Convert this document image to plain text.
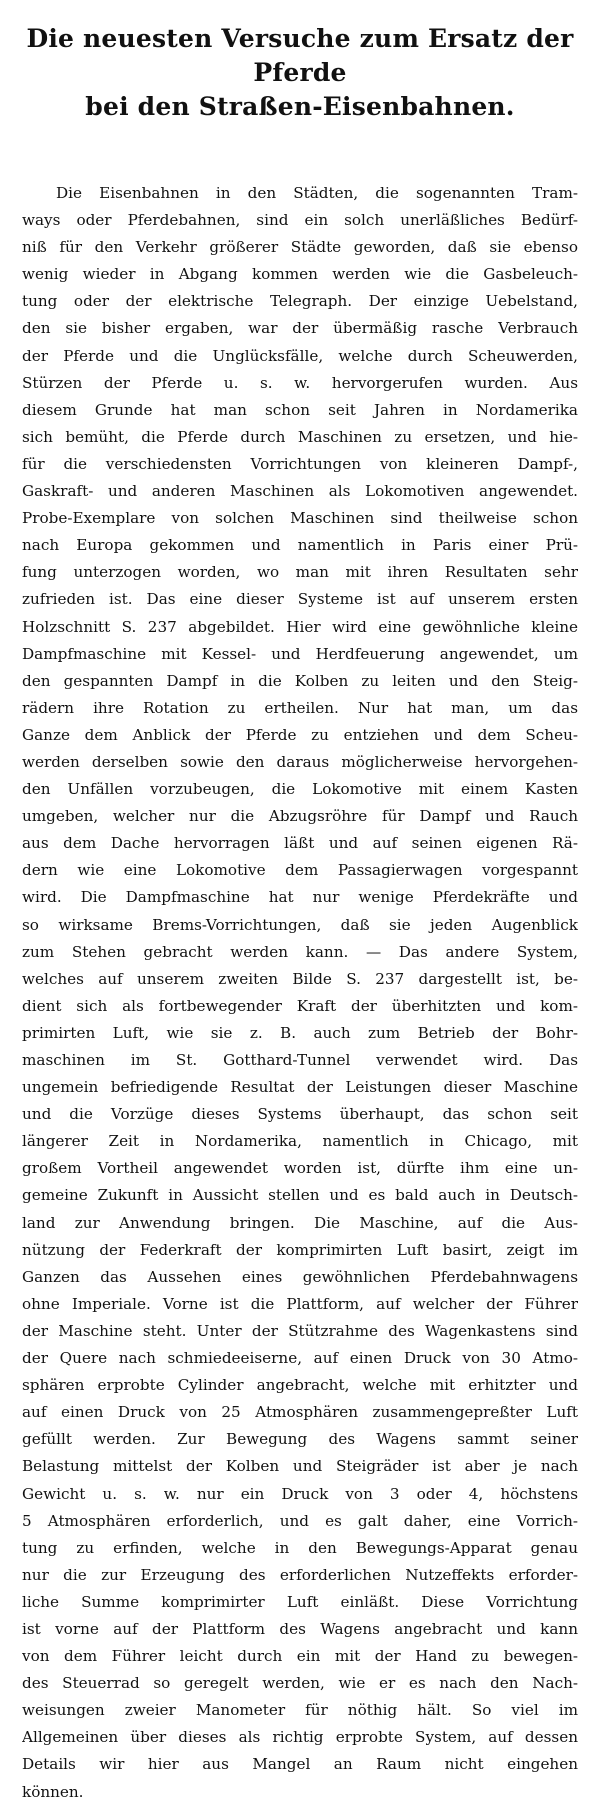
Die neuesten Versuche zum Ersatz der Pferde
bei den Straßen-Eisenbahnen.
Die Eisenbahnen in den Städten, die sogenannten Tram-
ways oder Pferdebahnen, sind ein solch unerläßliches Bedürf-
niß für den Verkehr größerer Städte geworden, daß sie ebenso
wenig wieder in Abgang kommen werden wie die Gasbeleuch-
tung oder der elektrische Telegraph. Der einzige Uebelstand,
den sie bisher ergaben, war der übermäßig rasche Verbrauch
der Pferde und die Unglücksfälle, welche durch Scheuwerden,
Stürzen der Pferde u. s. w. hervorgerufen wurden. Aus
diesem Grunde hat man schon seit Jahren in Nordamerika
sich bemüht, die Pferde durch Maschinen zu ersetzen, und hie-
für die verschiedensten Vorrichtungen von kleineren Dampf-,
Gaskraft- und anderen Maschinen als Lokomotiven angewendet.
Probe-Exemplare von solchen Maschinen sind theilweise schon
nach Europa gekommen und namentlich in Paris einer Prü-
fung unterzogen worden, wo man mit ihren Resultaten sehr
zufrieden ist. Das eine dieser Systeme ist auf unserem ersten
Holzschnitt S. 237 abgebildet. Hier wird eine gewöhnliche kleine
Dampfmaschine mit Kessel- und Herdfeuerung angewendet, um
den gespannten Dampf in die Kolben zu leiten und den Steig-
rädern ihre Rotation zu ertheilen. Nur hat man, um das
Ganze dem Anblick der Pferde zu entziehen und dem Scheu-
werden derselben sowie den daraus möglicherweise hervorgehen-
den Unfällen vorzubeugen, die Lokomotive mit einem Kasten
umgeben, welcher nur die Abzugsröhre für Dampf und Rauch
aus dem Dache hervorragen läßt und auf seinen eigenen Rä-
dern wie eine Lokomotive dem Passagierwagen vorgespannt
wird. Die Dampfmaschine hat nur wenige Pferdekräfte und
so wirksame Brems-Vorrichtungen, daß sie jeden Augenblick
zum Stehen gebracht werden kann. — Das andere System,
welches auf unserem zweiten Bilde S. 237 dargestellt ist, be-
dient sich als fortbewegender Kraft der überhitzten und kom-
primirten Luft, wie sie z. B. auch zum Betrieb der Bohr-
maschinen im St. Gotthard-Tunnel verwendet wird. Das
ungemein befriedigende Resultat der Leistungen dieser Maschine
und die Vorzüge dieses Systems überhaupt, das schon seit
längerer Zeit in Nordamerika, namentlich in Chicago, mit
großem Vortheil angewendet worden ist, dürfte ihm eine un-
gemeine Zukunft in Aussicht stellen und es bald auch in Deutsch-
land zur Anwendung bringen. Die Maschine, auf die Aus-
nützung der Federkraft der komprimirten Luft basirt, zeigt im
Ganzen das Aussehen eines gewöhnlichen Pferdebahnwagens
ohne Imperiale. Vorne ist die Plattform, auf welcher der Führer
der Maschine steht. Unter der Stützrahme des Wagenkastens sind
der Quere nach schmiedeeiserne, auf einen Druck von 30 Atmo-
sphären erprobte Cylinder angebracht, welche mit erhitzter und
auf einen Druck von 25 Atmosphären zusammengepreßter Luft
gefüllt werden. Zur Bewegung des Wagens sammt seiner
Belastung mittelst der Kolben und Steigräder ist aber je nach
Gewicht u. s. w. nur ein Druck von 3 oder 4, höchstens
5 Atmosphären erforderlich, und es galt daher, eine Vorrich-
tung zu erfinden, welche in den Bewegungs-Apparat genau
nur die zur Erzeugung des erforderlichen Nutzeffekts erforder-
liche Summe komprimirter Luft einläßt. Diese Vorrichtung
ist vorne auf der Plattform des Wagens angebracht und kann
von dem Führer leicht durch ein mit der Hand zu bewegen-
des Steuerrad so geregelt werden, wie er es nach den Nach-
weisungen zweier Manometer für nöthig hält. So viel im
Allgemeinen über dieses als richtig erprobte System, auf dessen
Details wir hier aus Mangel an Raum nicht eingehen
können.
